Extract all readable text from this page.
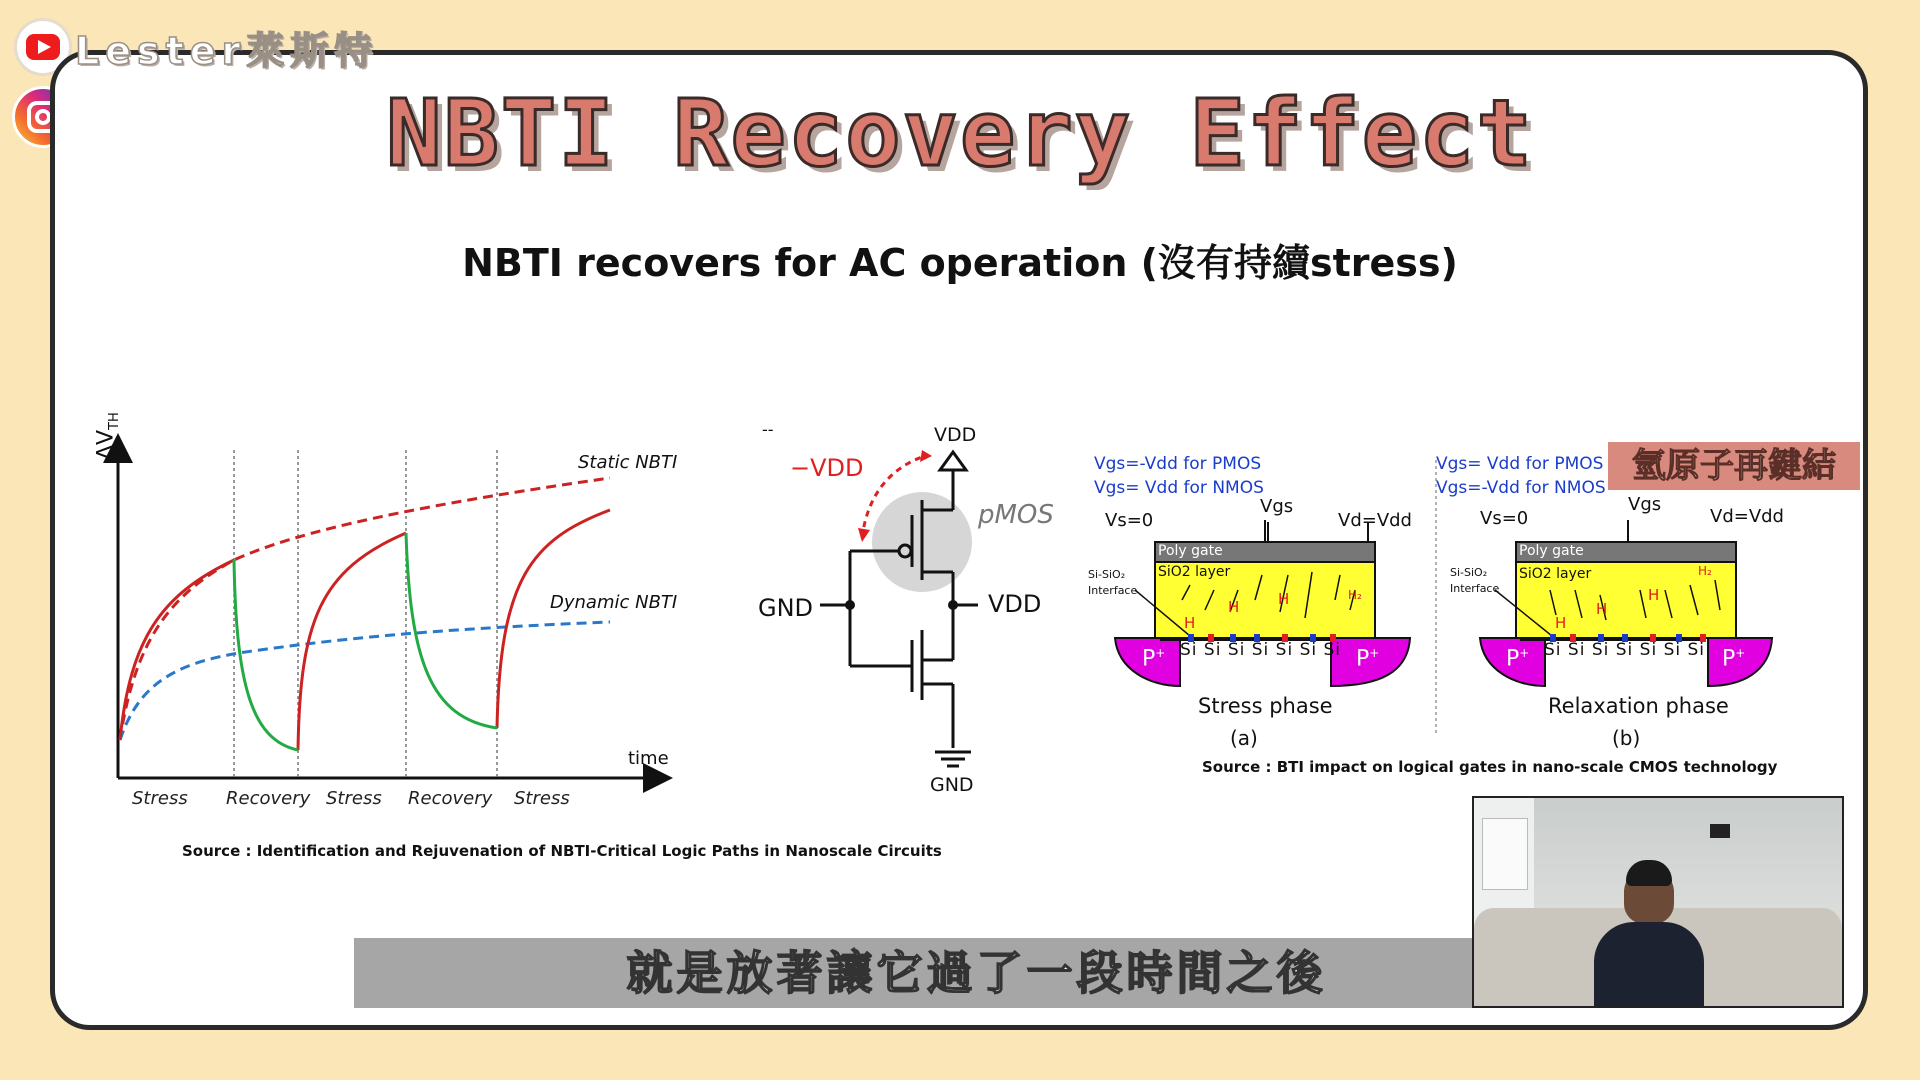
Lester萊斯特
NBTI Recovery Effect
NBTI recovers for AC operation (沒有持續stress)
$\Delta V_{TH}$
time
Static NBTI
Dynamic NBTI
Stress Recovery Stress Recovery Stress
Source : Identification and Rejuvenation of NBTI-Critical Logic Paths in Nanoscale Circuits
--
−VDD
VDD
pMOS
GND	VDD
GND
Vgs=-Vdd for PMOS
Vgs= Vdd for NMOS
Vs=0
Vgs
Vd=Vdd
Poly gate
SiO2 layer
Si-SiO₂
Interface
Si Si Si Si Si Si Si
P+	P+
H
H	H	H₂
Stress phase
(a)
Vgs= Vdd for PMOS
Vgs=-Vdd for NMOS
Vs=0
Vgs
Vd=Vdd
Poly gate
SiO2 layer
Si-SiO₂
Interface
Si Si Si Si Si Si Si
P+	P+
H
H
H
H₂
Relaxation phase
(b)
Source : BTI impact on logical gates in nano-scale CMOS technology
氫原子再鍵結
就是放著讓它過了一段時間之後
